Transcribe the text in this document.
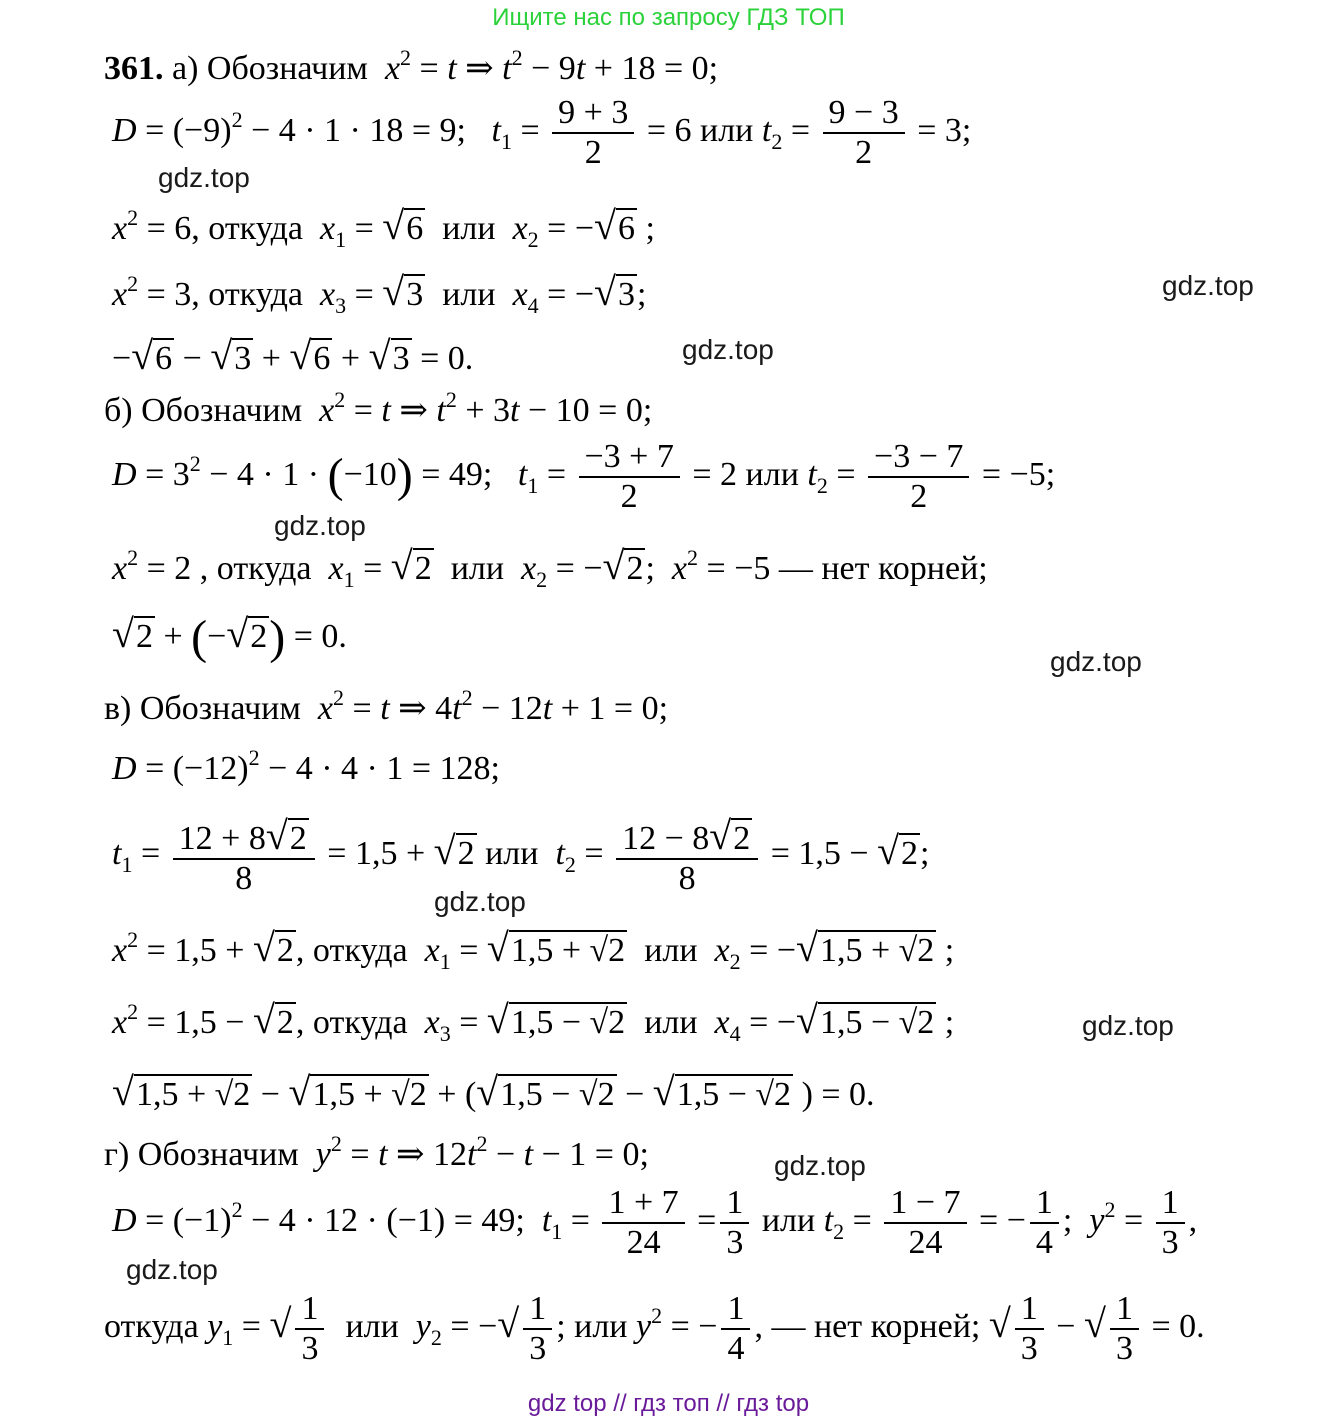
Ищите нас по запросу ГДЗ ТОП
gdz.top
gdz.top
gdz.top
gdz.top
gdz.top
gdz.top
gdz.top
gdz.top
gdz.top
361. а) Обозначим $x^2 = t$ ⇒ $t^2 - 9t + 18 = 0$;
$D = (-9)^2 - 4 \cdot 1 \cdot 18 = 9$; $t_1 = \frac{9 + 3}{2} = 6$ или $t_2 = \frac{9 - 3}{2} = 3$;
$x^2 = 6$, откуда $x_1 = √6$ или $x_2 = -√6$ ;
$x^2 = 3$, откуда $x_3 = √3$ или $x_4 = -√3$;
−√6 − √3 + √6 + √3 = 0.
б) Обозначим $x^2 = t$ ⇒ $t^2 + 3t - 10 = 0$;
$D = 3^2 - 4 \cdot 1 \cdot (-10) = 49$;   $t_1 = \frac{-3 + 7}{2} = 2$ или $t_2 = \frac{-3 - 7}{2} = -5$;
$x^2 = 2$ , откуда $x_1 = √2$ или $x_2 = -√2$;  $x^2 = -5$ — нет корней;
√2 + (−√2) = 0.
в) Обозначим $x^2 = t$ ⇒ $4t^2 - 12t + 1 = 0$;
$D = (-12)^2 - 4 \cdot 4 \cdot 1 = 128$;
$t_1 = \frac{12 + 8√2}{8} = 1,5 + √2$ или $t_2 = \frac{12 - 8√2}{8} = 1,5 - √2$;
$x^2 = 1,5 + √2$, откуда $x_1 = √1,5 + √2$ или $x_2 = -√1,5 + √2$ ;
$x^2 = 1,5 - √2$, откуда $x_3 = √1,5 - √2$ или $x_4 = -√1,5 - √2$ ;
√1,5 + √2 − √1,5 + √2 + (√1,5 − √2 − √1,5 − √2 ) = 0.
г) Обозначим $y^2 = t$ ⇒ $12t^2 - t - 1 = 0$;
$D = (-1)^2 - 4 \cdot 12 \cdot (-1) = 49$; $t_1 = \frac{1 + 7}{24} = \frac{1}{3}$ или $t_2 = \frac{1 - 7}{24}$ = − $\frac{1}{4}$ ;  $y^2 = \frac{1}{3}$ ,
откуда $y_1$ = √ $\frac{1}{3}$ или $y_2$ = −√ $\frac{1}{3}$ ; или $y^2$ = − $\frac{1}{4}$ , — нет корней; √ $\frac{1}{3}$ − √ $\frac{1}{3} = 0$.
gdz top // гдз топ // гдз top
